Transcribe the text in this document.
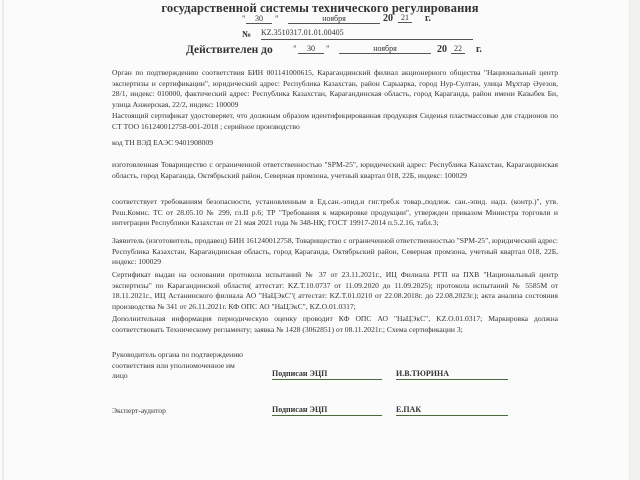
государственной системы технического регулирования
"	30	"	ноября	20	21	г.
№ KZ.3510317.01.01.00405
Действителен до "	30	"	ноября	20 22	г.
Орган по подтверждению соответствия БИН 001141000615, Карагандинский филиал акционерного общества "Национальный центр экспертизы и сертификации", юридический адрес: Республика Казахстан, район Сарыарка, город Нур-Султан, улица Мұхтар Әуезов, 28/1, индекс: 010000, фактический адрес: Республика Казахстан, Карагандинская область, город Караганда, район имени Казыбек Би, улица Анжерская, 22/2, индекс: 100009
Настоящий сертификат удостоверяет, что должным образом идентифицированная продукция Сиденья пластмассовые для стадионов по СТ ТОО 161240012758-001-2018 ; серийное производство
код ТН ВЭД ЕАЭС 9401908009
изготовленная Товарищество с ограниченной ответственностью "SPM-25", юридический адрес: Республика Казахстан, Карагандинская область, город Караганда, Октябрьский район, Северная промзона, учетный квартал 018, 22Б, индекс: 100029
соответствует требованиям безопасности, установленным в Ед.сан.-эпид.и гиг.треб.к товар.,подлеж. сан.-эпид. надз. (контр.)", утв. Реш.Комис. ТС от 28.05.10 № 299, гл.II р.6; ТР "Требования к маркировке продукции", утвержден приказом Министра торговли и интеграции Республики Казахстан от 21 мая 2021 года № 348-НҚ; ГОСТ 19917-2014 п.5.2.16, табл.3;
Заявитель (изготовитель, продавец) БИН 161240012758, Товарищество с ограниченной ответственностью "SPM-25", юридический адрес: Республика Казахстан, Карагандинская область, город Караганда, Октябрьский район, Северная промзона, учетный квартал 018, 22Б, индекс: 100029
Сертификат выдан на основании протокола испытаний № 37 от 23.11.2021г., ИЦ Филиала РГП на ПХВ "Национальный центр экспертизы" по Карагандинской области( аттестат: KZ.T.10.0737 от 11.09.2020 до 11.09.2025); протокола испытаний № 5585М от 18.11.2021г., ИЦ Астанинского филиала АО "НаЦЭкС"( аттестат: KZ.T.01.0210 от 22.08.2018г. до 22.08.2023г.); акта анализа состояния производства № 341 от 26.11.2021г. КФ ОПС АО "НаЦЭкС", KZ.O.01.0317;
Дополнительная информация периодическую оценку проводит КФ ОПС АО "НаЦЭкС", KZ.O.01.0317; Маркировка должна соответствовать Техническому регламенту; заявка № 1428 (3062851) от 08.11.2021г.; Схема сертификации 3;
Руководитель органа по подтверждению соответствия или уполномоченное им лицо	Подписан ЭЦП	И.В.ТЮРИНА
Эксперт-аудитор	Подписан ЭЦП	Е.ПАК
